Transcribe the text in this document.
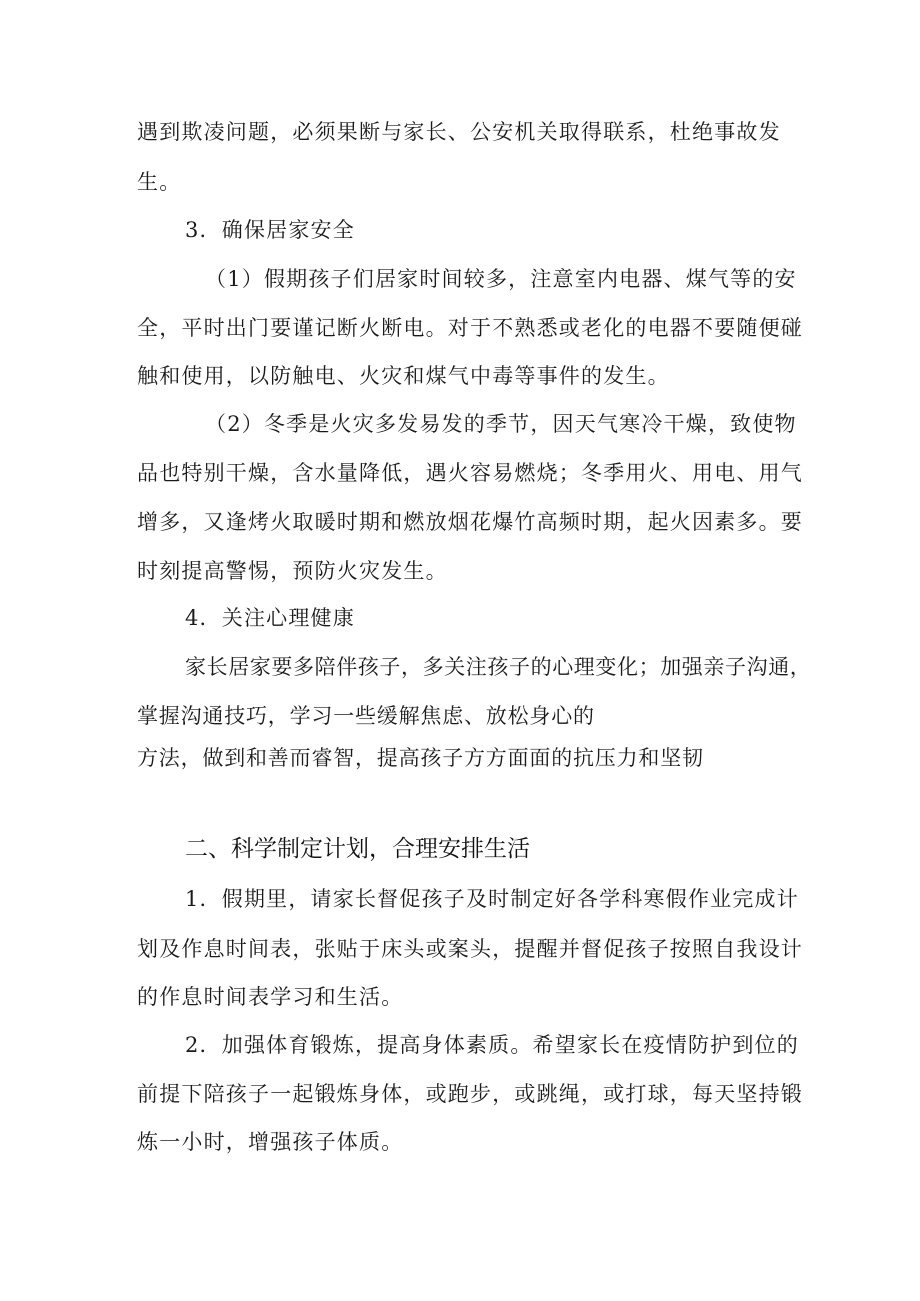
遇到欺凌问题，必须果断与家长、公安机关取得联系，杜绝事故发
生。
3．确保居家安全
（1）假期孩子们居家时间较多，注意室内电器、煤气等的安
全，平时出门要谨记断火断电。对于不熟悉或老化的电器不要随便碰
触和使用，以防触电、火灾和煤气中毒等事件的发生。
（2）冬季是火灾多发易发的季节，因天气寒冷干燥，致使物
品也特别干燥，含水量降低，遇火容易燃烧；冬季用火、用电、用气
增多，又逢烤火取暖时期和燃放烟花爆竹高频时期，起火因素多。要
时刻提高警惕，预防火灾发生。
4．关注心理健康
家长居家要多陪伴孩子，多关注孩子的心理变化；加强亲子沟通，
掌握沟通技巧，学习一些缓解焦虑、放松身心的
方法，做到和善而睿智，提高孩子方方面面的抗压力和坚韧
二、科学制定计划，合理安排生活
1．假期里，请家长督促孩子及时制定好各学科寒假作业完成计
划及作息时间表，张贴于床头或案头，提醒并督促孩子按照自我设计
的作息时间表学习和生活。
2．加强体育锻炼，提高身体素质。希望家长在疫情防护到位的
前提下陪孩子一起锻炼身体，或跑步，或跳绳，或打球，每天坚持锻
炼一小时，增强孩子体质。
